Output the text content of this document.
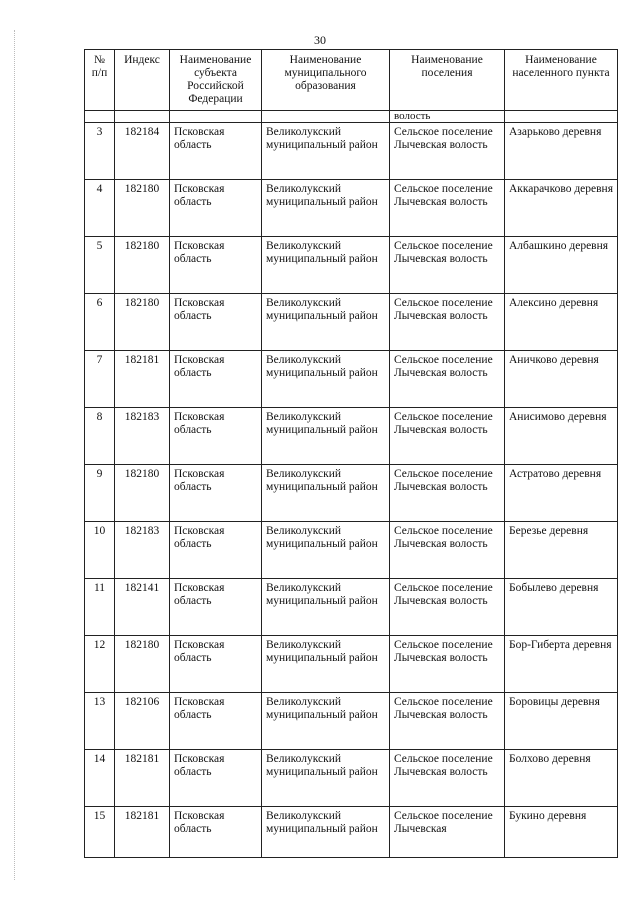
30
№ п/п	Индекс	Наименование субъекта Российской Федерации	Наименование муниципального образования	Наименование поселения	Наименование населенного пункта
				волость	
3	182184	Псковская область	Великолукский муниципальный район	Сельское поселение Лычевская волость	Азарьково деревня
4	182180	Псковская область	Великолукский муниципальный район	Сельское поселение Лычевская волость	Аккарачково деревня
5	182180	Псковская область	Великолукский муниципальный район	Сельское поселение Лычевская волость	Албашкино деревня
6	182180	Псковская область	Великолукский муниципальный район	Сельское поселение Лычевская волость	Алексино деревня
7	182181	Псковская область	Великолукский муниципальный район	Сельское поселение Лычевская волость	Аничково деревня
8	182183	Псковская область	Великолукский муниципальный район	Сельское поселение Лычевская волость	Анисимово деревня
9	182180	Псковская область	Великолукский муниципальный район	Сельское поселение Лычевская волость	Астратово деревня
10	182183	Псковская область	Великолукский муниципальный район	Сельское поселение Лычевская волость	Березье деревня
11	182141	Псковская область	Великолукский муниципальный район	Сельское поселение Лычевская волость	Бобылево деревня
12	182180	Псковская область	Великолукский муниципальный район	Сельское поселение Лычевская волость	Бор-Гиберта деревня
13	182106	Псковская область	Великолукский муниципальный район	Сельское поселение Лычевская волость	Боровицы деревня
14	182181	Псковская область	Великолукский муниципальный район	Сельское поселение Лычевская волость	Болхово деревня
15	182181	Псковская область	Великолукский муниципальный район	Сельское поселение Лычевская	Букино деревня
